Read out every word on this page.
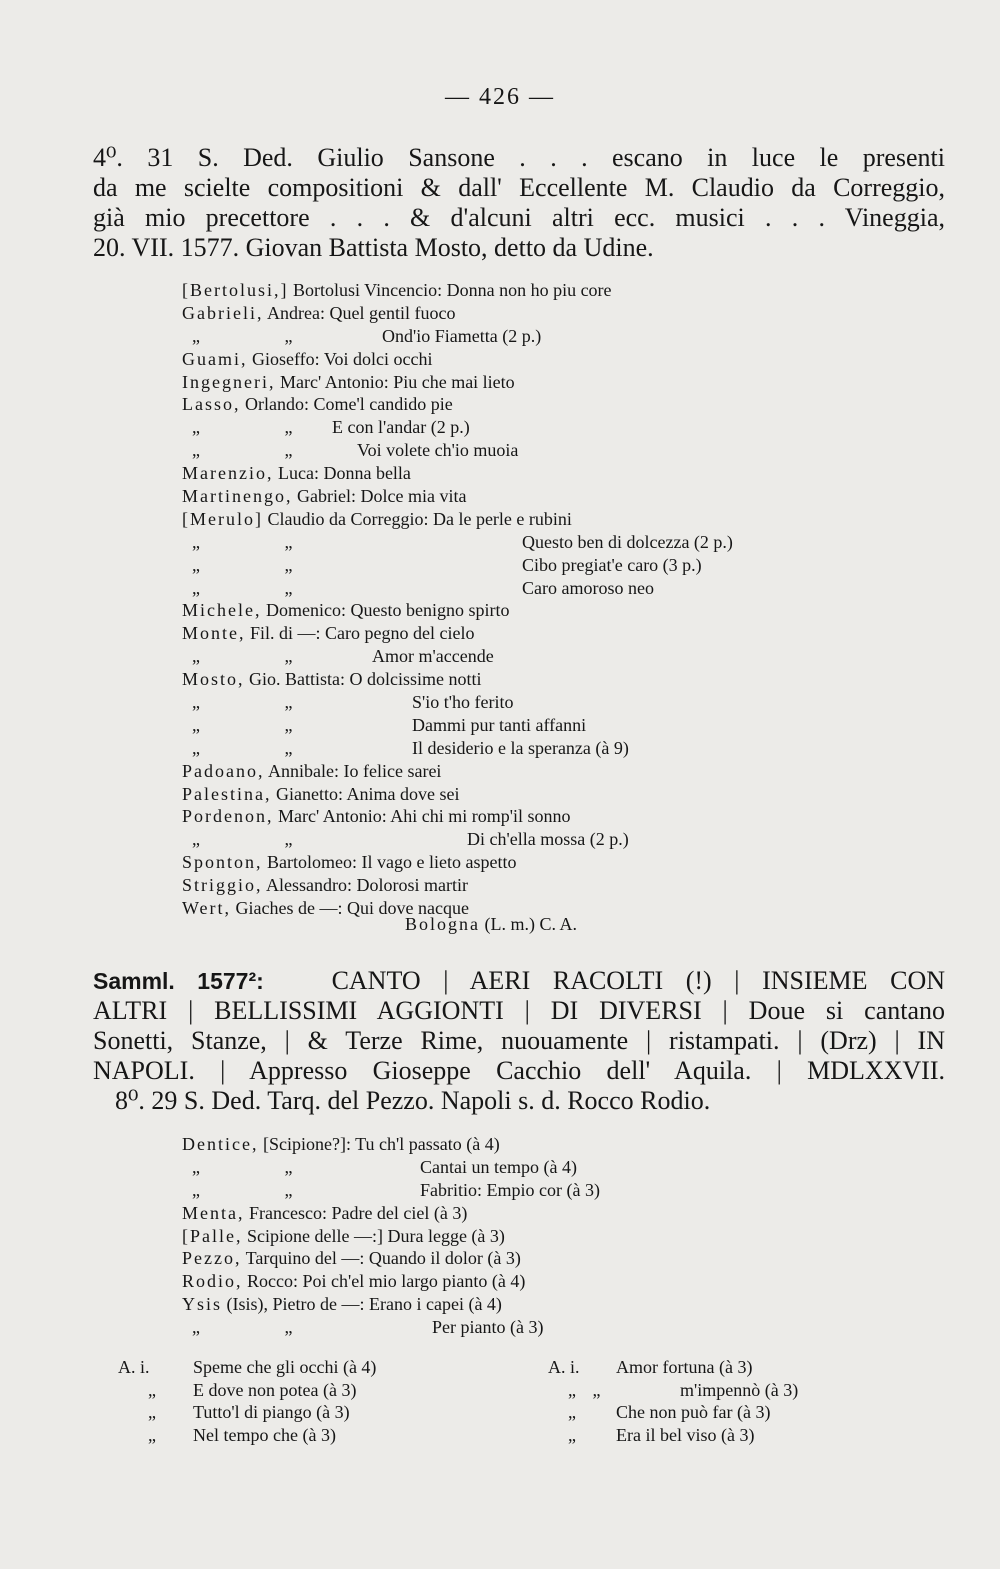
— 426 —
4⁰. 31 S. Ded. Giulio Sansone . . . escano in luce le presenti
da me scielte compositioni & dall' Eccellente M. Claudio da Correggio,
già mio precettore . . . & d'alcuni altri ecc. musici . . . Vineggia,
20. VII. 1577. Giovan Battista Mosto, detto da Udine.
[Bertolusi,] Bortolusi Vincencio: Donna non ho piu core
Gabrieli, Andrea: Quel gentil fuoco
„ „	Ond'io Fiametta (2 p.)
Guami, Gioseffo: Voi dolci occhi
Ingegneri, Marc' Antonio: Piu che mai lieto
Lasso, Orlando: Come'l candido pie
„ „ E con l'andar (2 p.)
„ „ Voi volete ch'io muoia
Marenzio, Luca: Donna bella
Martinengo, Gabriel: Dolce mia vita
[Merulo] Claudio da Correggio: Da le perle e rubini
„ „	Questo ben di dolcezza (2 p.)
„ „	Cibo pregiat'e caro (3 p.)
„ „	Caro amoroso neo
Michele, Domenico: Questo benigno spirto
Monte, Fil. di —: Caro pegno del cielo
„ „ Amor m'accende
Mosto, Gio. Battista: O dolcissime notti
„ „	S'io t'ho ferito
„ „	Dammi pur tanti affanni
„ „	Il desiderio e la speranza (à 9)
Padoano, Annibale: Io felice sarei
Palestina, Gianetto: Anima dove sei
Pordenon, Marc' Antonio: Ahi chi mi romp'il sonno
„ „	Di ch'ella mossa (2 p.)
Sponton, Bartolomeo: Il vago e lieto aspetto
Striggio, Alessandro: Dolorosi martir
Wert, Giaches de —: Qui dove nacque
Bologna (L. m.) C. A.
Samml. 1577²:	CANTO | AERI RACOLTI (!) | INSIEME CON
ALTRI | BELLISSIMI AGGIONTI | DI DIVERSI | Doue si cantano
Sonetti, Stanze, | & Terze Rime, nuouamente | ristampati. | (Drz) | IN
NAPOLI. | Appresso Gioseppe Cacchio dell' Aquila. | MDLXXVII.
8⁰. 29 S. Ded. Tarq. del Pezzo. Napoli s. d. Rocco Rodio.
Dentice, [Scipione?]: Tu ch'l passato (à 4)
„ „	Cantai un tempo (à 4)
„ „	Fabritio: Empio cor (à 3)
Menta, Francesco: Padre del ciel (à 3)
[Palle, Scipione delle —:] Dura legge (à 3)
Pezzo, Tarquino del —: Quando il dolor (à 3)
Rodio, Rocco: Poi ch'el mio largo pianto (à 4)
Ysis (Isis), Pietro de —: Erano i capei (à 4)
„ „	Per pianto (à 3)
A. i. Speme che gli occhi (à 4)
„ E dove non potea (à 3)
„ Tutto'l di piango (à 3)
„ Nel tempo che (à 3)
A. i. Amor fortuna (à 3)
„ „	m'impennò (à 3)
„ Che non può far (à 3)
„ Era il bel viso (à 3)
